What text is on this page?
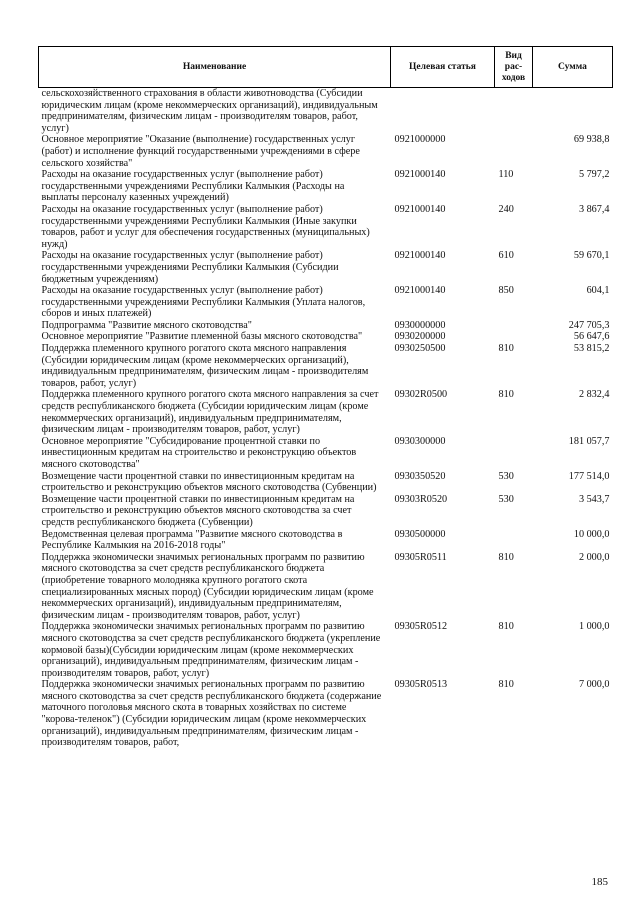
Наименование	Целевая статья	Вид рас-ходов	Сумма
сельскохозяйственного страхования в области животноводства (Субсидии юридическим лицам (кроме некоммерческих организаций), индивидуальным предпринимателям, физическим лицам - производителям товаров, работ, услуг)			
Основное мероприятие "Оказание (выполнение) государственных услуг (работ) и исполнение функций государственными учреждениями в сфере сельского хозяйства"	0921000000		69 938,8
Расходы на оказание государственных услуг (выполнение работ) государственными учреждениями Республики Калмыкия (Расходы на выплаты персоналу казенных учреждений)	0921000140	110	5 797,2
Расходы на оказание государственных услуг (выполнение работ) государственными учреждениями Республики Калмыкия (Иные закупки товаров, работ и услуг для обеспечения государственных (муниципальных) нужд)	0921000140	240	3 867,4
Расходы на оказание государственных услуг (выполнение работ) государственными учреждениями Республики Калмыкия (Субсидии бюджетным учреждениям)	0921000140	610	59 670,1
Расходы на оказание государственных услуг (выполнение работ) государственными учреждениями Республики Калмыкия (Уплата налогов, сборов и иных платежей)	0921000140	850	604,1
Подпрограмма "Развитие мясного скотоводства"	0930000000		247 705,3
Основное мероприятие "Развитие племенной базы мясного скотоводства"	0930200000		56 647,6
Поддержка племенного крупного рогатого скота мясного направления (Субсидии юридическим лицам (кроме некоммерческих организаций), индивидуальным предпринимателям, физическим лицам - производителям товаров, работ, услуг)	0930250500	810	53 815,2
Поддержка племенного крупного рогатого скота мясного направления за счет средств республиканского бюджета (Субсидии юридическим лицам (кроме некоммерческих организаций), индивидуальным предпринимателям, физическим лицам - производителям товаров, работ, услуг)	09302R0500	810	2 832,4
Основное мероприятие "Субсидирование процентной ставки по инвестиционным кредитам на строительство и реконструкцию объектов мясного скотоводства"	0930300000		181 057,7
Возмещение части процентной ставки по инвестиционным кредитам на строительство и реконструкцию объектов мясного скотоводства (Субвенции)	0930350520	530	177 514,0
Возмещение части процентной ставки по инвестиционным кредитам на строительство и реконструкцию объектов мясного скотоводства за счет средств республиканского бюджета (Субвенции)	09303R0520	530	3 543,7
Ведомственная целевая программа "Развитие мясного скотоводства в Республике Калмыкия на 2016-2018 годы"	0930500000		10 000,0
Поддержка экономически значимых региональных программ по развитию мясного скотоводства за счет средств республиканского бюджета (приобретение товарного молодняка крупного рогатого скота специализированных мясных пород) (Субсидии юридическим лицам (кроме некоммерческих организаций), индивидуальным предпринимателям, физическим лицам - производителям товаров, работ, услуг)	09305R0511	810	2 000,0
Поддержка экономически значимых региональных программ по развитию мясного скотоводства за счет средств республиканского бюджета (укрепление кормовой базы)(Субсидии юридическим лицам (кроме некоммерческих организаций), индивидуальным предпринимателям, физическим лицам - производителям товаров, работ, услуг)	09305R0512	810	1 000,0
Поддержка экономически значимых региональных программ по развитию мясного скотоводства за счет средств республиканского бюджета (содержание маточного поголовья мясного скота в товарных хозяйствах по системе "корова-теленок") (Субсидии юридическим лицам (кроме некоммерческих организаций), индивидуальным предпринимателям, физическим лицам - производителям товаров, работ,	09305R0513	810	7 000,0
185
